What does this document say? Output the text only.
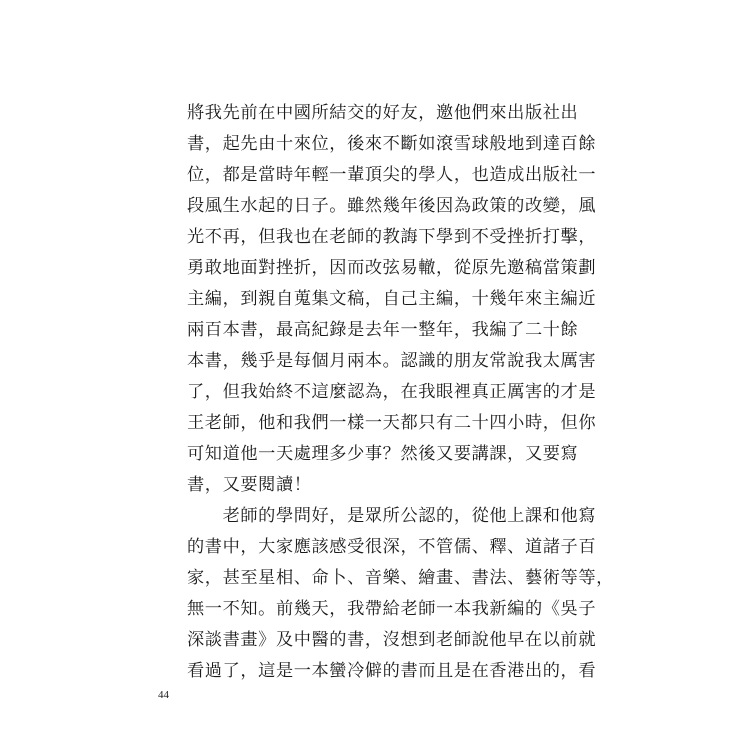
將我先前在中國所結交的好友，邀他們來出版社出
書，起先由十來位，後來不斷如滾雪球般地到達百餘
位，都是當時年輕一輩頂尖的學人，也造成出版社一
段風生水起的日子。雖然幾年後因為政策的改變，風
光不再，但我也在老師的教誨下學到不受挫折打擊，
勇敢地面對挫折，因而改弦易轍，從原先邀稿當策劃
主編，到親自蒐集文稿，自己主編，十幾年來主編近
兩百本書，最高紀錄是去年一整年，我編了二十餘
本書，幾乎是每個月兩本。認識的朋友常說我太厲害
了，但我始終不這麼認為，在我眼裡真正厲害的才是
王老師，他和我們一樣一天都只有二十四小時，但你
可知道他一天處理多少事？然後又要講課，又要寫
書，又要閱讀！
　　老師的學問好，是眾所公認的，從他上課和他寫
的書中，大家應該感受很深，不管儒、釋、道諸子百
家，甚至星相、命卜、音樂、繪畫、書法、藝術等等，
無一不知。前幾天，我帶給老師一本我新編的《吳子
深談書畫》及中醫的書，沒想到老師說他早在以前就
看過了，這是一本蠻冷僻的書而且是在香港出的，看
44
